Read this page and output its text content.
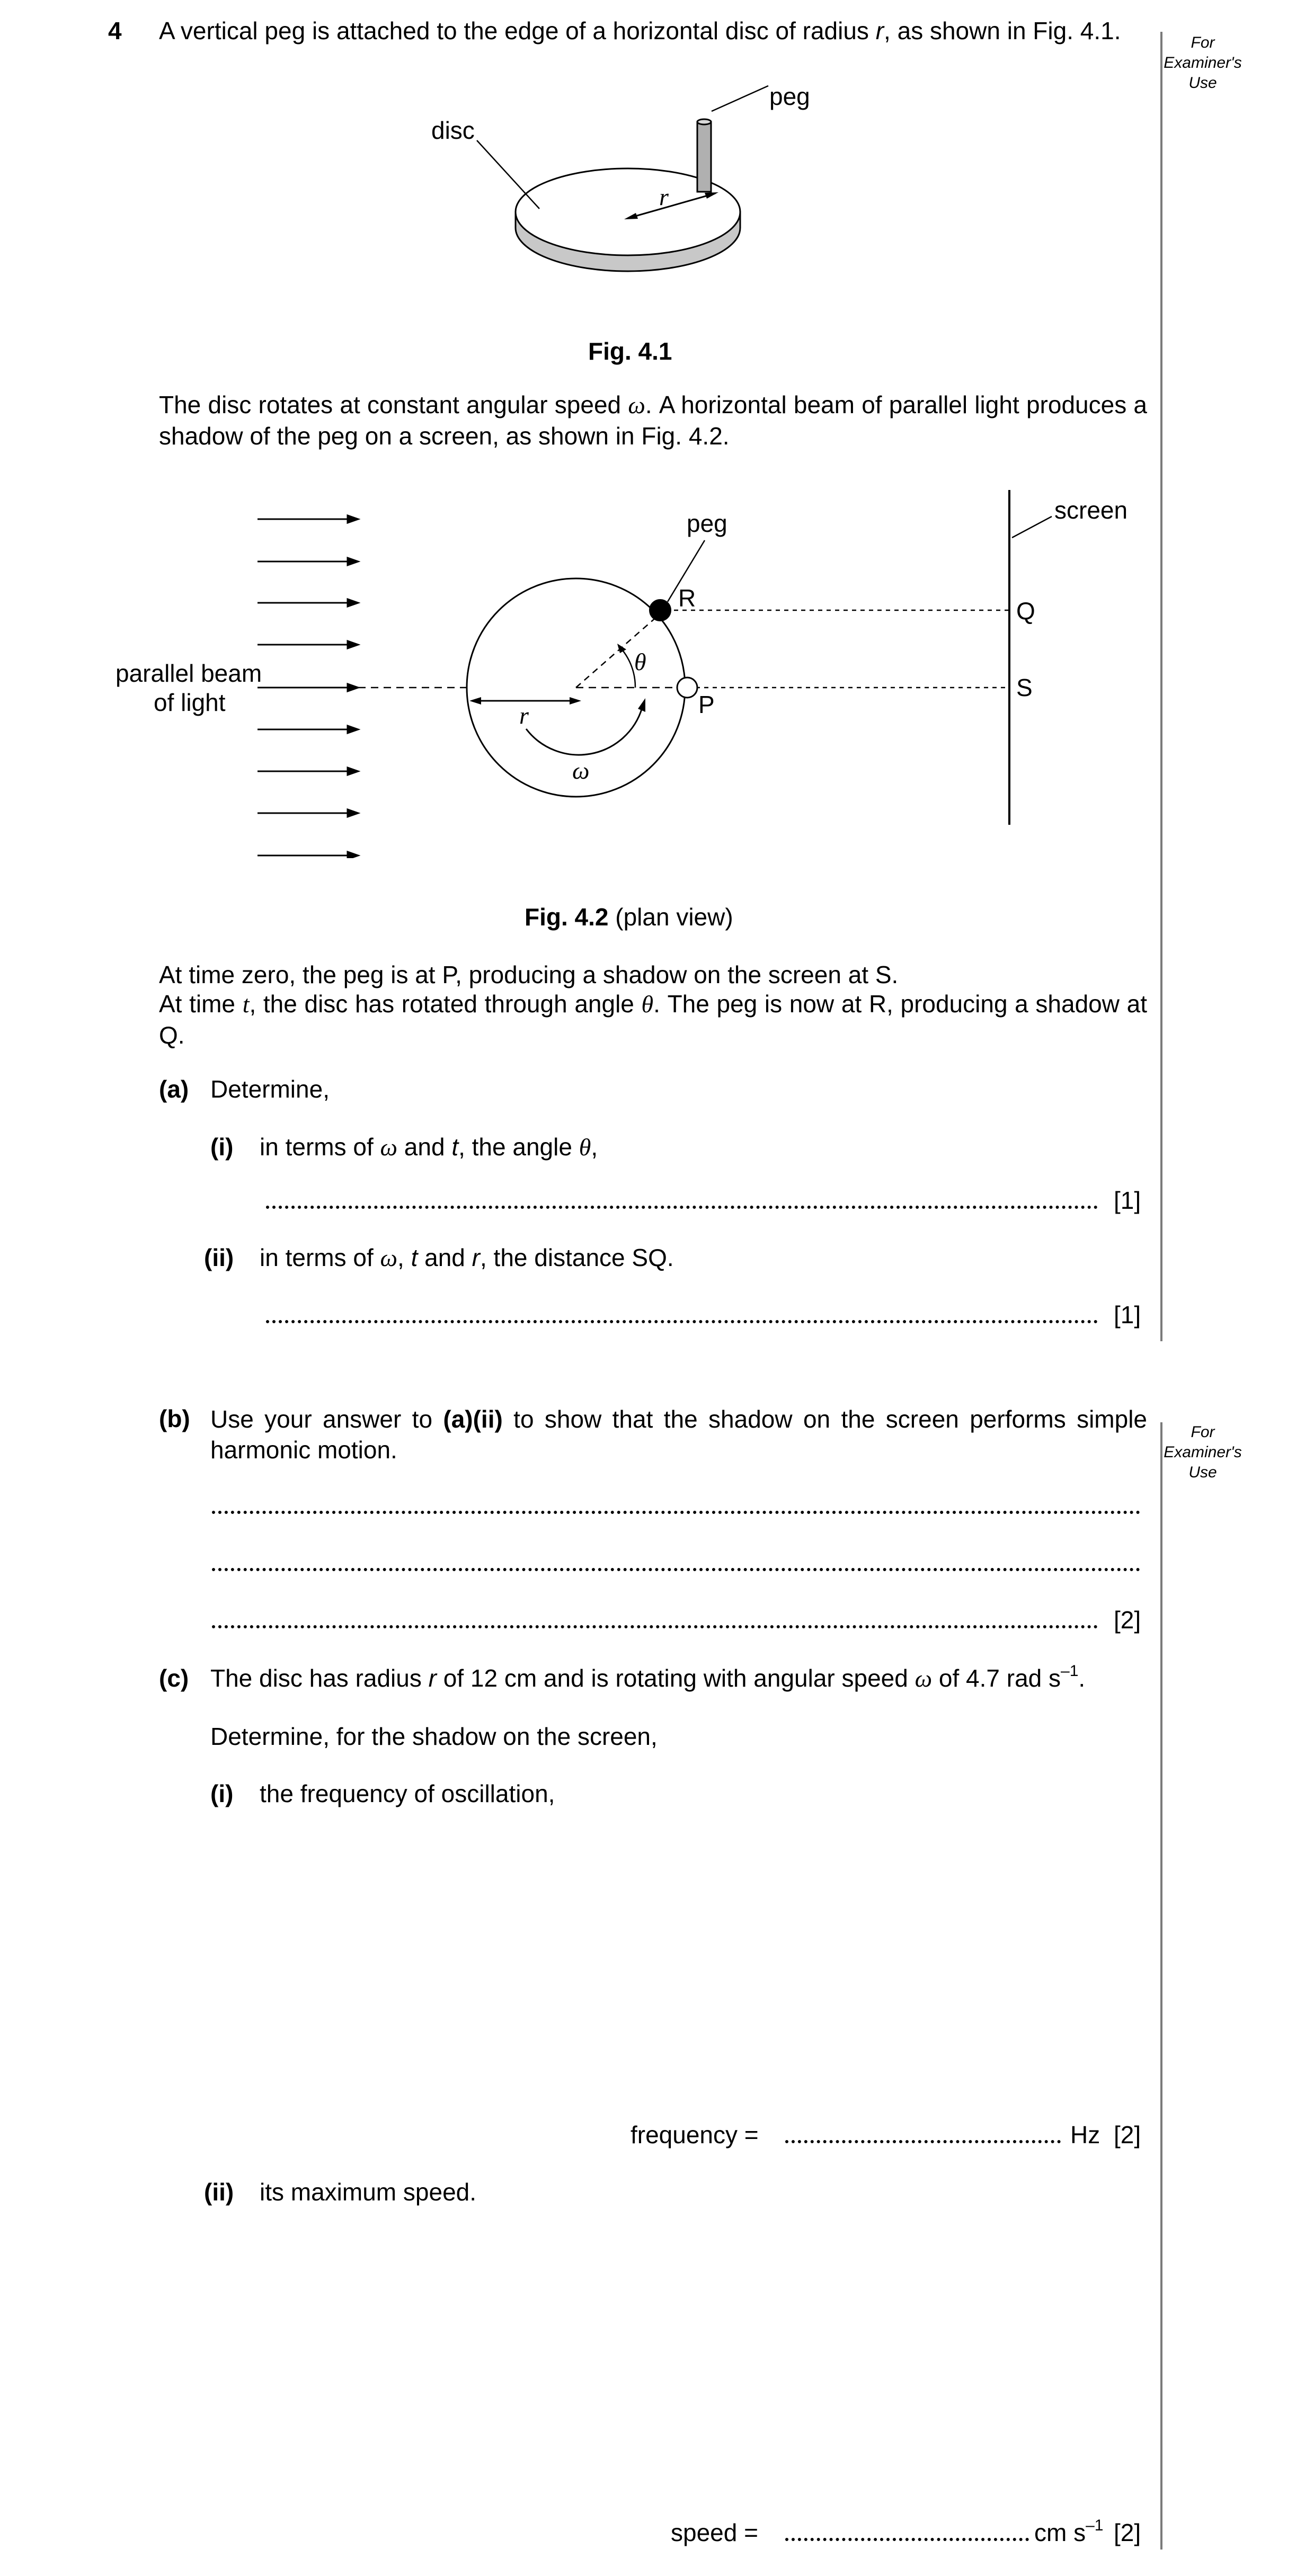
4 A vertical peg is attached to the edge of a horizontal disc of radius r, as shown in Fig. 4.1.	For
Examiner's
Use
disc
peg
r
Fig. 4.1
The disc rotates at constant angular speed ω. A horizontal beam of parallel light produces a shadow of the peg on a screen, as shown in Fig. 4.2.
peg	screen
parallel beam
of light
R
P
Q
S
θ
r
ω
Fig. 4.2 (plan view)
At time zero, the peg is at P, producing a shadow on the screen at S.
At time t, the disc has rotated through angle θ. The peg is now at R, producing a shadow at Q.
(a) Determine,
(i) in terms of ω and t, the angle θ,
[1]
(ii) in terms of ω, t and r, the distance SQ.
[1]
For
Examiner's
Use
(b) Use your answer to (a)(ii) to show that the shadow on the screen performs simple harmonic motion.
[2]
(c) The disc has radius r of 12 cm and is rotating with angular speed ω of 4.7 rad $s^{-1}$.
Determine, for the shadow on the screen,
(i) the frequency of oscillation,
frequency =	Hz [2]
(ii) its maximum speed.
speed =	cm $s^{-1}$ [2]
